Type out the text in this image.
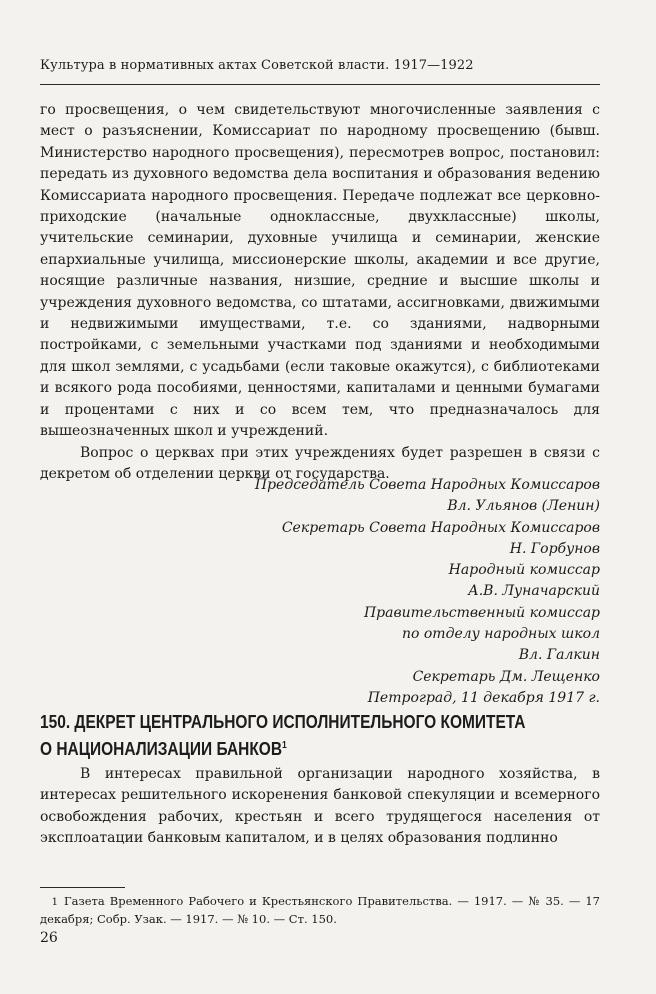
Культура в нормативных актах Советской власти. 1917—1922

го просвещения, о чем свидетельствуют многочисленные заявления с мест о разъяснении, Комиссариат по народному просвещению (бывш. Министерство народного просвещения), пересмотрев вопрос, постановил: передать из духовного ведомства дела воспитания и образования ведению Комиссариата народного просвещения. Передаче подлежат все церковно-приходские (начальные одноклассные, двухклассные) школы, учительские семинарии, духовные училища и семинарии, женские епархиальные училища, миссионерские школы, академии и все другие, носящие различные названия, низшие, средние и высшие школы и учреждения духовного ведомства, со штатами, ассигновками, движимыми и недвижимыми имуществами, т.е. со зданиями, надворными постройками, с земельными участками под зданиями и необходимыми для школ землями, с усадьбами (если таковые окажутся), с библиотеками и всякого рода пособиями, ценностями, капиталами и ценными бумагами и процентами с них и со всем тем, что предназначалось для вышеозначенных школ и учреждений.

Вопрос о церквах при этих учреждениях будет разрешен в связи с декретом об отделении церкви от государства.

Председатель Совета Народных Комиссаров
Вл. Ульянов (Ленин)
Секретарь Совета Народных Комиссаров
Н. Горбунов
Народный комиссар
А.В. Луначарский
Правительственный комиссар
по отделу народных школ
Вл. Галкин
Секретарь Дм. Лещенко
Петроград, 11 декабря 1917 г.
150. ДЕКРЕТ ЦЕНТРАЛЬНОГО ИСПОЛНИТЕЛЬНОГО КОМИТЕТА О НАЦИОНАЛИЗАЦИИ БАНКОВ$^1$

В интересах правильной организации народного хозяйства, в интересах решительного искоренения банковой спекуляции и всемерного освобождения рабочих, крестьян и всего трудящегося населения от эксплоатации банковым капиталом, и в целях образования подлинно

1 Газета Временного Рабочего и Крестьянского Правительства. — 1917. — № 35. — 17 декабря; Собр. Узак. — 1917. — № 10. — Ст. 150.
26
